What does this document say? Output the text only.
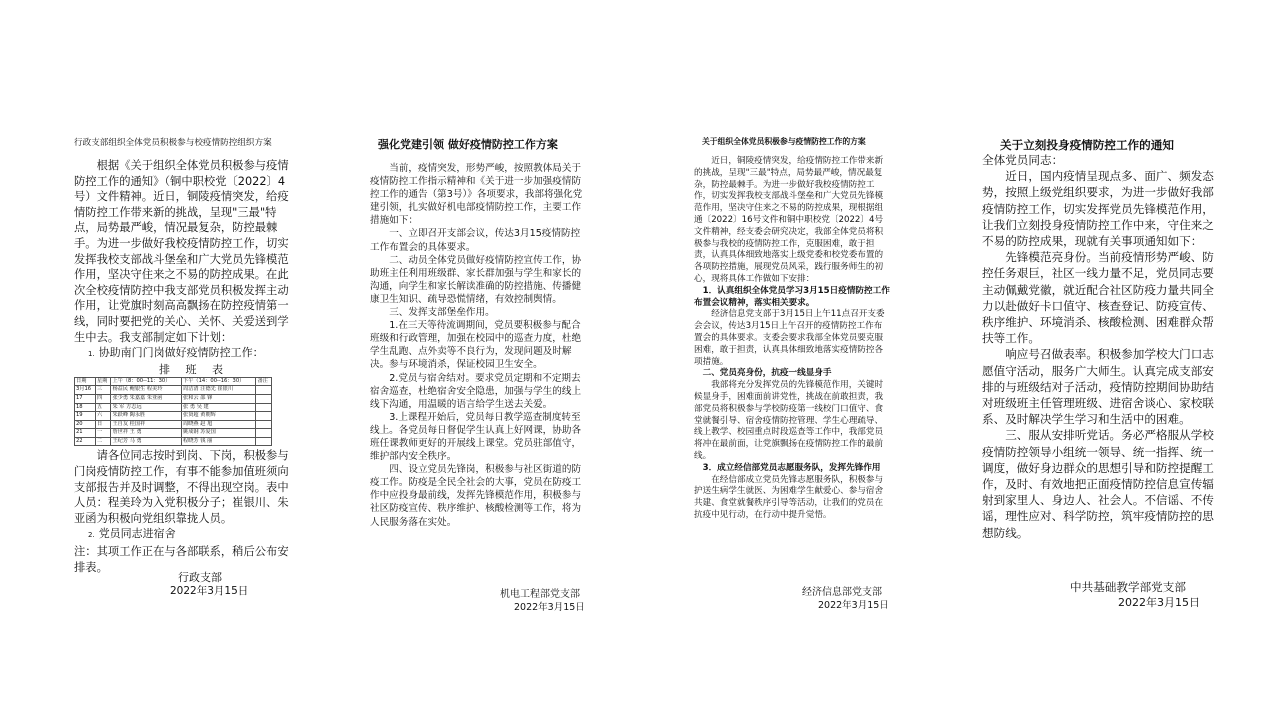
行政支部组织全体党员积极参与校疫情防控组织方案

根据《关于组织全体党员积极参与疫情防控工作的通知》（铜中职校党〔2022〕4号）文件精神。近日，铜陵疫情突发，给疫情防控工作带来新的挑战，呈现"三最"特点，局势最严峻，情况最复杂，防控最棘手。为进一步做好我校疫情防控工作，切实发挥我校支部战斗堡垒和广大党员先锋模范作用，坚决守住来之不易的防控成果。在此次全校疫情防控中我支部党员积极发挥主动作用，让党旗时刻高高飘扬在防控疫情第一线，同时要把党的关心、关怀、关爱送到学生中去。我支部制定如下计划：

1. 协助南门门岗做好疫情防控工作：

排 班 表

日期	星期	上午（8：00--11：30）	下午（14：00--16：30）	备注
3月16	三	杨益民 鲍银生 程美玲	周洁清 汪德先 崔银川	
17	四	张少勇 朱嘉嘉 朱亚函	张和云 邵 锋	
18	五	朱 军 方志远	张 勇 吴 建	
19	六	朱跃峰 陶永胜	张贤超 黄朝辉	
20	日	王自友 桂国祥	周晓燕 赵 旭	
21	一	詹世祥 王 勇	姚成钢 苏爱国	
22	二	王纪芳 马 勇	程晓芳 钱 丽	

请各位同志按时到岗、下岗，积极参与门岗疫情防控工作，有事不能参加值班须向支部报告并及时调整，不得出现空岗。表中人员：程美玲为入党积极分子；崔银川、朱亚函为积极向党组织靠拢人员。

2. 党员同志进宿舍

注：其项工作正在与各部联系，稍后公布安排表。

行政支部

2022年3月15日

强化党建引领 做好疫情防控工作方案

当前，疫情突发，形势严峻，按照教体局关于疫情防控工作指示精神和《关于进一步加强疫情防控工作的通告（第3号）》各项要求，我部将强化党建引领，扎实做好机电部疫情防控工作，主要工作措施如下：

一、立即召开支部会议，传达3月15疫情防控工作布置会的具体要求。

二、动员全体党员做好疫情防控宣传工作，协助班主任利用班级群、家长群加强与学生和家长的沟通，向学生和家长解读准确的防控措施、传播健康卫生知识、疏导恐慌情绪，有效控制舆情。

三、发挥支部堡垒作用。

1.在三天等待流调期间，党员要积极参与配合班级和行政管理，加强在校园中的巡查力度，杜绝学生乱跑、点外卖等不良行为，发现问题及时解决。参与环境消杀，保证校园卫生安全。

2.党员与宿舍结对。要求党员定期和不定期去宿舍巡查，杜绝宿舍安全隐患，加强与学生的线上线下沟通，用温暖的语言给学生送去关爱。

3.上课程开始后，党员每日教学巡查制度转至线上。各党员每日督促学生认真上好网课，协助各班任课教师更好的开展线上课堂。党员驻部值守，维护部内安全秩序。

四、设立党员先锋岗，积极参与社区街道的防疫工作。防疫是全民全社会的大事，党员在防疫工作中应投身最前线，发挥先锋模范作用，积极参与社区防疫宣传、秩序维护、核酸检测等工作，将为人民服务落在实处。

机电工程部党支部

2022年3月15日

关于组织全体党员积极参与疫情防控工作的方案

近日，铜陵疫情突发，给疫情防控工作带来新的挑战，呈现"三最"特点，局势最严峻，情况最复杂，防控最棘手。为进一步做好我校疫情防控工作，切实发挥我校支部战斗堡垒和广大党员先锋模范作用，坚决守住来之不易的防控成果，现根据组通〔2022〕16号文件和铜中职校党〔2022〕4号文件精神，经支委会研究决定，我部全体党员将积极参与我校的疫情防控工作，克服困难，敢于担责，认真具体细致地落实上级党委和校党委布置的各项防控措施，展现党员风采，践行服务师生的初心，现将具体工作做如下安排：

1．认真组织全体党员学习3月15日疫情防控工作布置会议精神，落实相关要求。

经济信息党支部于3月15日上午11点召开支委会会议，传达3月15日上午召开的疫情防控工作布置会的具体要求。支委会要求我部全体党员要克服困难，敢于担责，认真具体细致地落实疫情防控各项措施。

二、党员亮身份，抗疫一线显身手

我部将充分发挥党员的先锋模范作用，关键时候显身手，困难面前讲党性，挑战在前敢担责，我部党员将积极参与学校防疫第一线校门口值守、食堂就餐引导、宿舍疫情防控管理、学生心理疏导、线上教学、校园重点时段巡查等工作中，我部党员将冲在最前面，让党旗飘扬在疫情防控工作的最前线。

3．成立经信部党员志愿服务队，发挥先锋作用

在经信部成立党员先锋志愿服务队，积极参与护送生病学生就医、为困难学生献爱心、参与宿舍共建、食堂就餐秩序引导等活动，让我们的党员在抗疫中见行动，在行动中提升觉悟。

经济信息部党支部

2022年3月15日

关于立刻投身疫情防控工作的通知

全体党员同志：

近日，国内疫情呈现点多、面广、频发态势，按照上级党组织要求，为进一步做好我部疫情防控工作，切实发挥党员先锋模范作用，让我们立刻投身疫情防控工作中来，守住来之不易的防控成果，现就有关事项通知如下：

先锋模范亮身份。当前疫情形势严峻、防控任务艰巨，社区一线力量不足，党员同志要主动佩戴党徽，就近配合社区防疫力量共同全力以赴做好卡口值守、核查登记、防疫宣传、秩序维护、环境消杀、核酸检测、困难群众帮扶等工作。

响应号召做表率。积极参加学校大门口志愿值守活动，服务广大师生。认真完成支部安排的与班级结对子活动，疫情防控期间协助结对班级班主任管理班级、进宿舍谈心、家校联系、及时解决学生学习和生活中的困难。

三、服从安排听党话。务必严格服从学校疫情防控领导小组统一领导、统一指挥、统一调度，做好身边群众的思想引导和防控提醒工作，及时、有效地把正面疫情防控信息宣传辐射到家里人、身边人、社会人。不信谣、不传谣，理性应对、科学防控，筑牢疫情防控的思想防线。

中共基础教学部党支部

2022年3月15日
